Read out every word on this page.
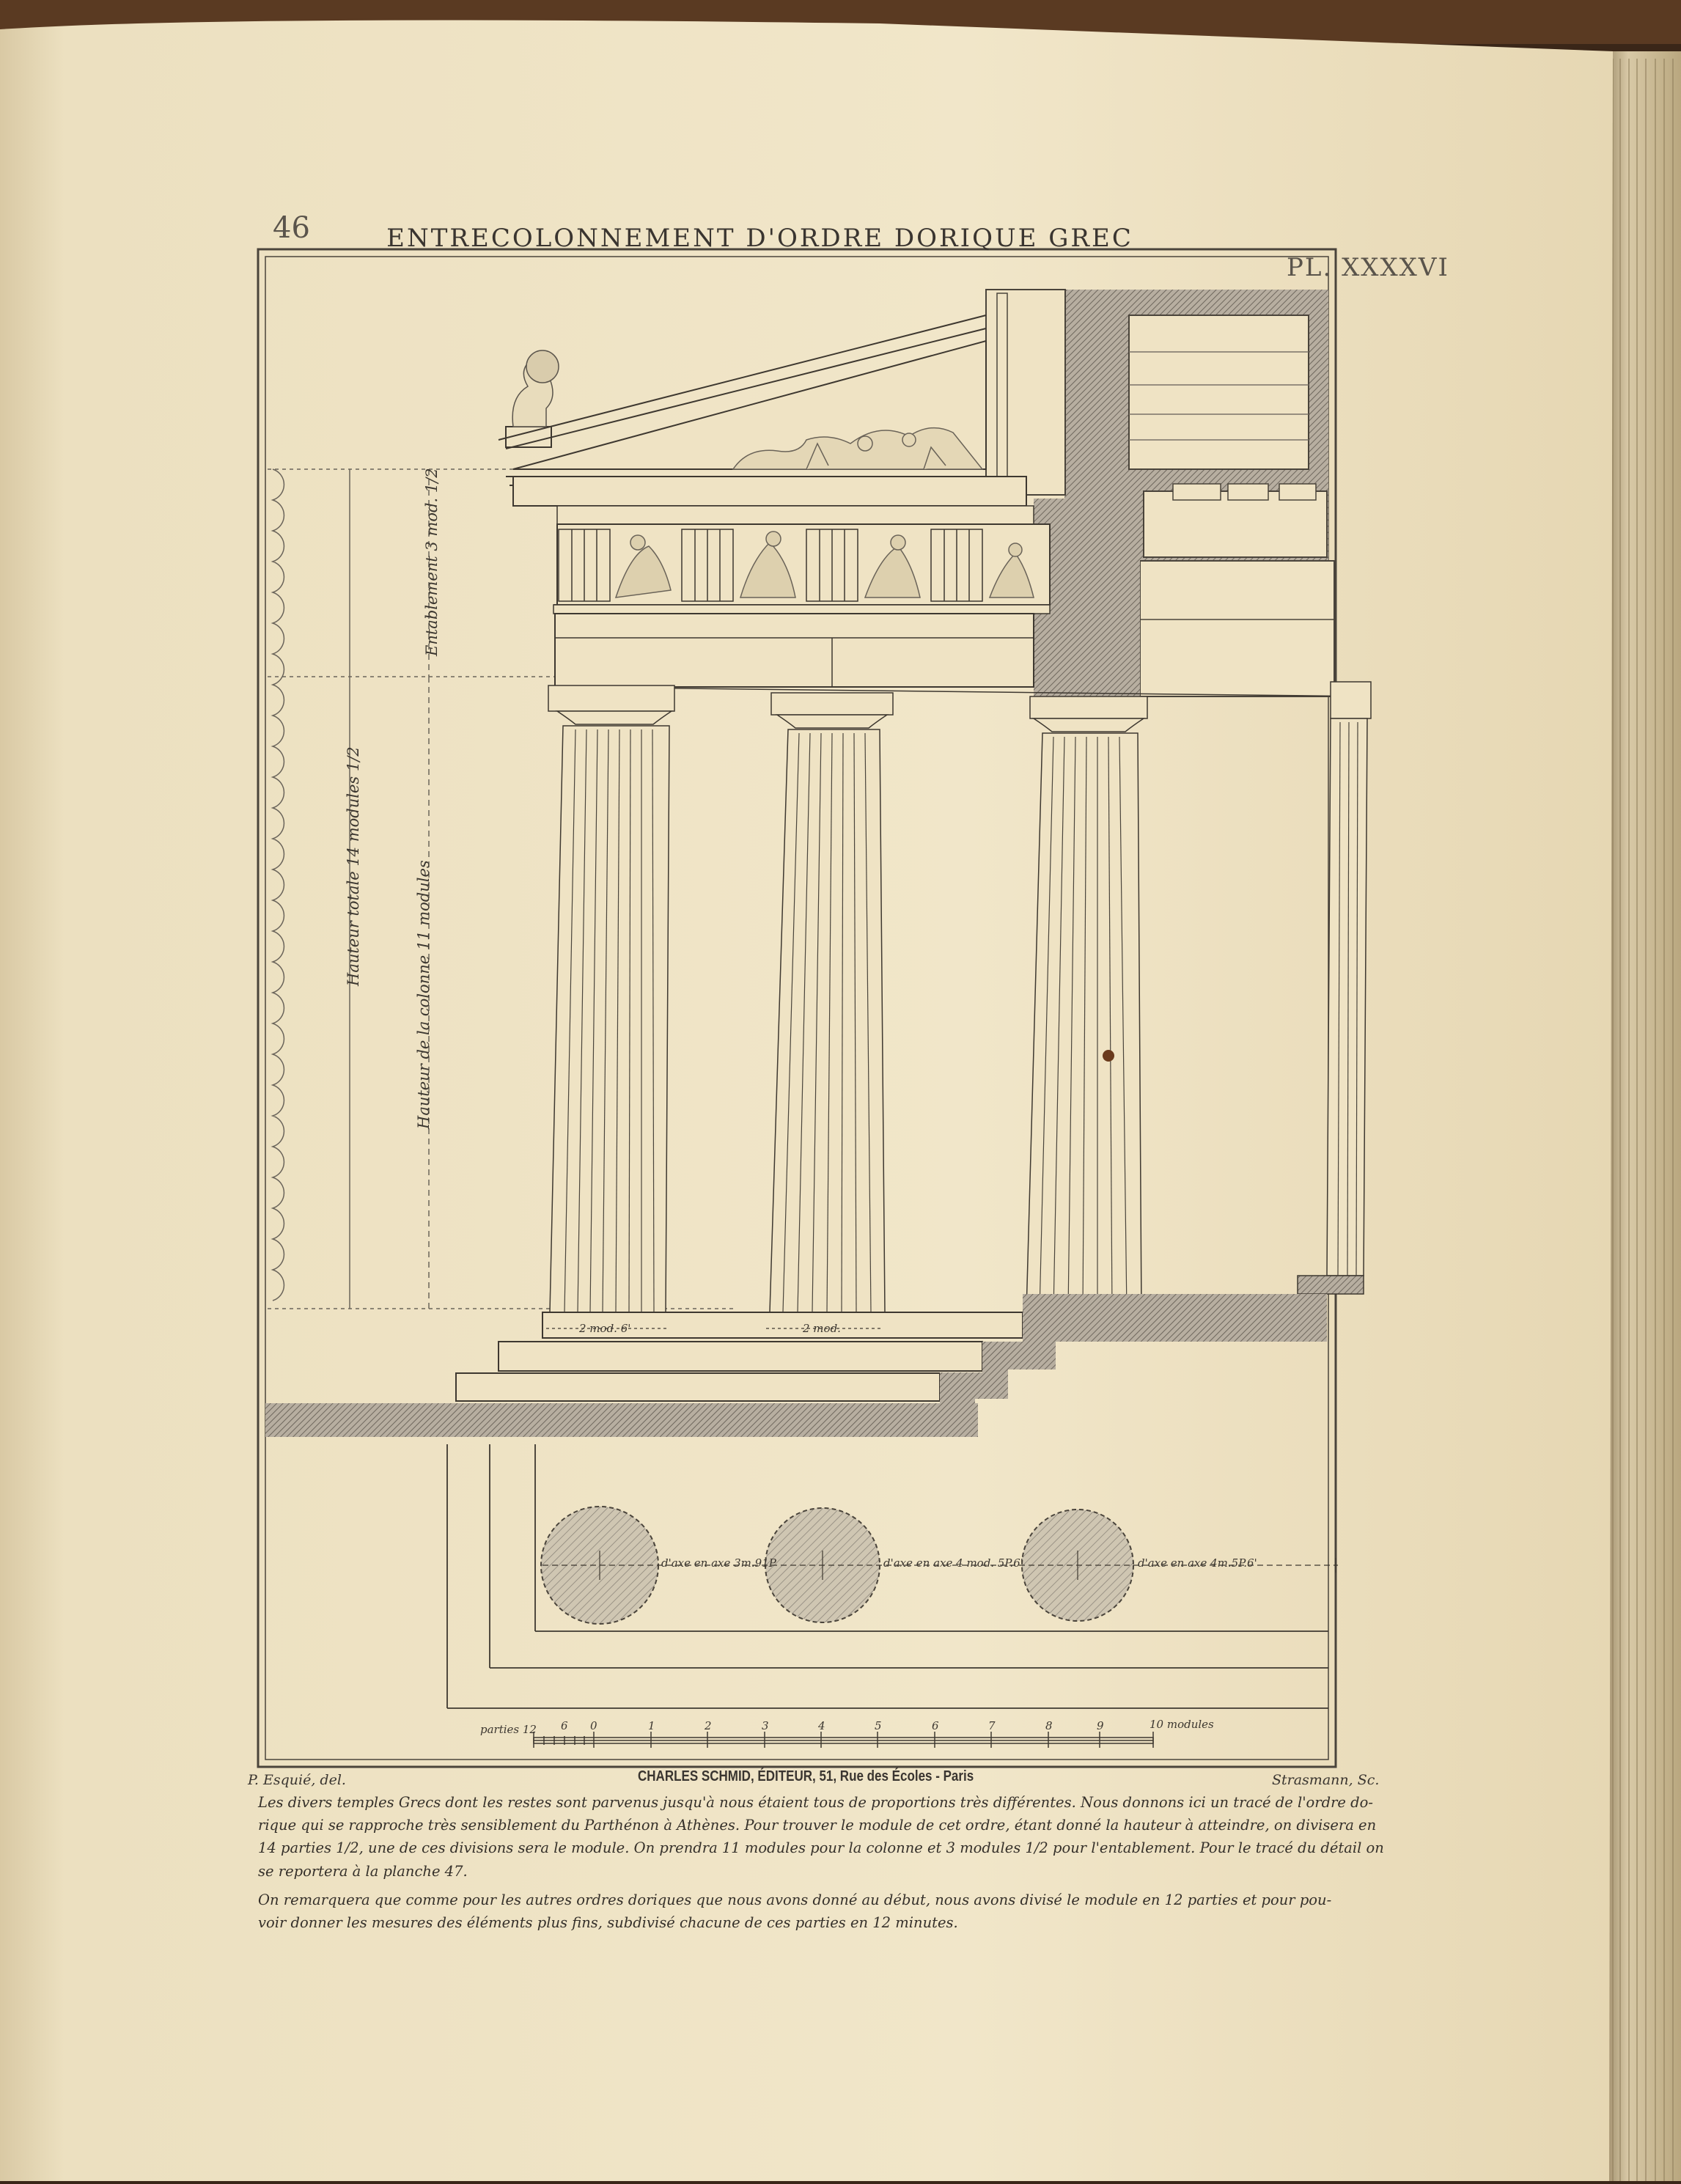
46	ENTRECOLONNEMENT D'ORDRE DORIQUE GREC
PL. XXXXVI
Hauteur totale 14 modules 1/2	Hauteur de la colonne 11 modules
Entablement 3 mod. 1/2
2 mod. 6'	2 mod.
d'axe en axe 3m.91P	d'axe en axe 4 mod. 5P.6'	d'axe en axe 4m.5P.6'
parties 12 6 0	1	2	3	4	5	6	7	8	9	10 modules
P. Esquié, del.	CHARLES SCHMID, ÉDITEUR, 51, Rue des Écoles - Paris	Strasmann, Sc.
Les divers temples Grecs dont les restes sont parvenus jusqu'à nous étaient tous de proportions très différentes. Nous donnons ici un tracé de l'ordre do-
rique qui se rapproche très sensiblement du Parthénon à Athènes. Pour trouver le module de cet ordre, étant donné la hauteur à atteindre, on divisera en
14 parties 1/2, une de ces divisions sera le module. On prendra 11 modules pour la colonne et 3 modules 1/2 pour l'entablement. Pour le tracé du détail on
se reportera à la planche 47.
On remarquera que comme pour les autres ordres doriques que nous avons donné au début, nous avons divisé le module en 12 parties et pour pou-
voir donner les mesures des éléments plus fins, subdivisé chacune de ces parties en 12 minutes.
